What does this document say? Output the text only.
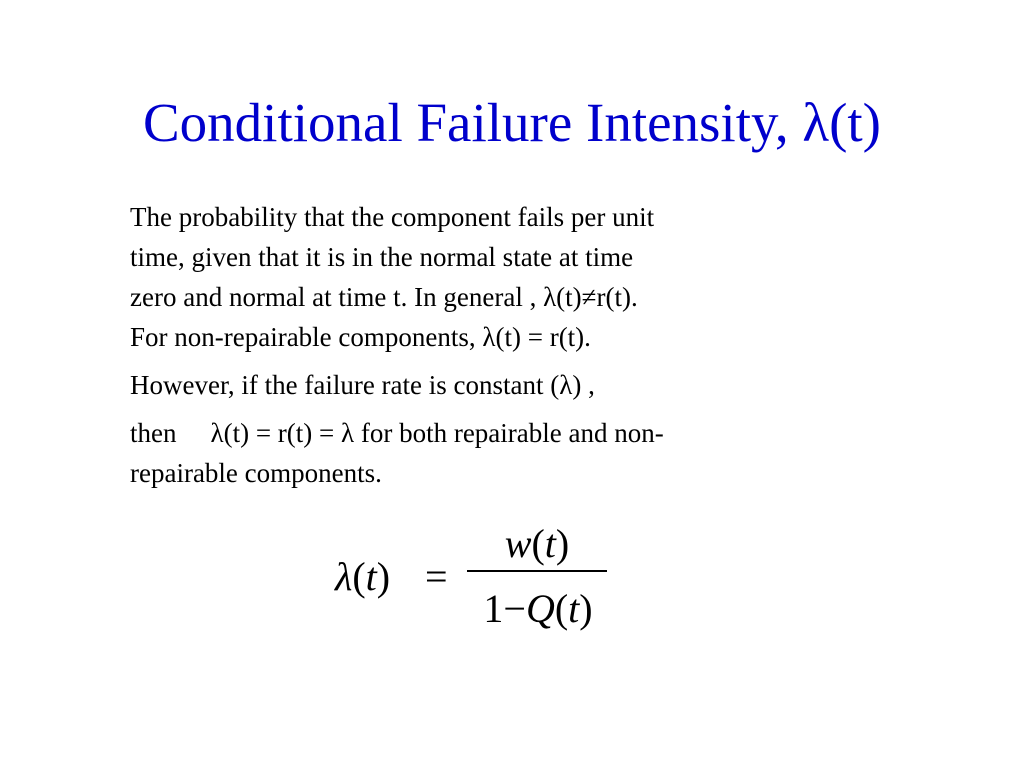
Conditional Failure Intensity, λ(t)

The probability that the component fails per unit
time, given that it is in the normal state at time
zero and normal at time t. In general , λ(t)≠r(t).
For non-repairable components, λ(t) = r(t).

However, if the failure rate is constant (λ) ,

then λ(t) = r(t) = λ for both repairable and non-
repairable components.

λ(t) =
w(t)
1−Q(t)
